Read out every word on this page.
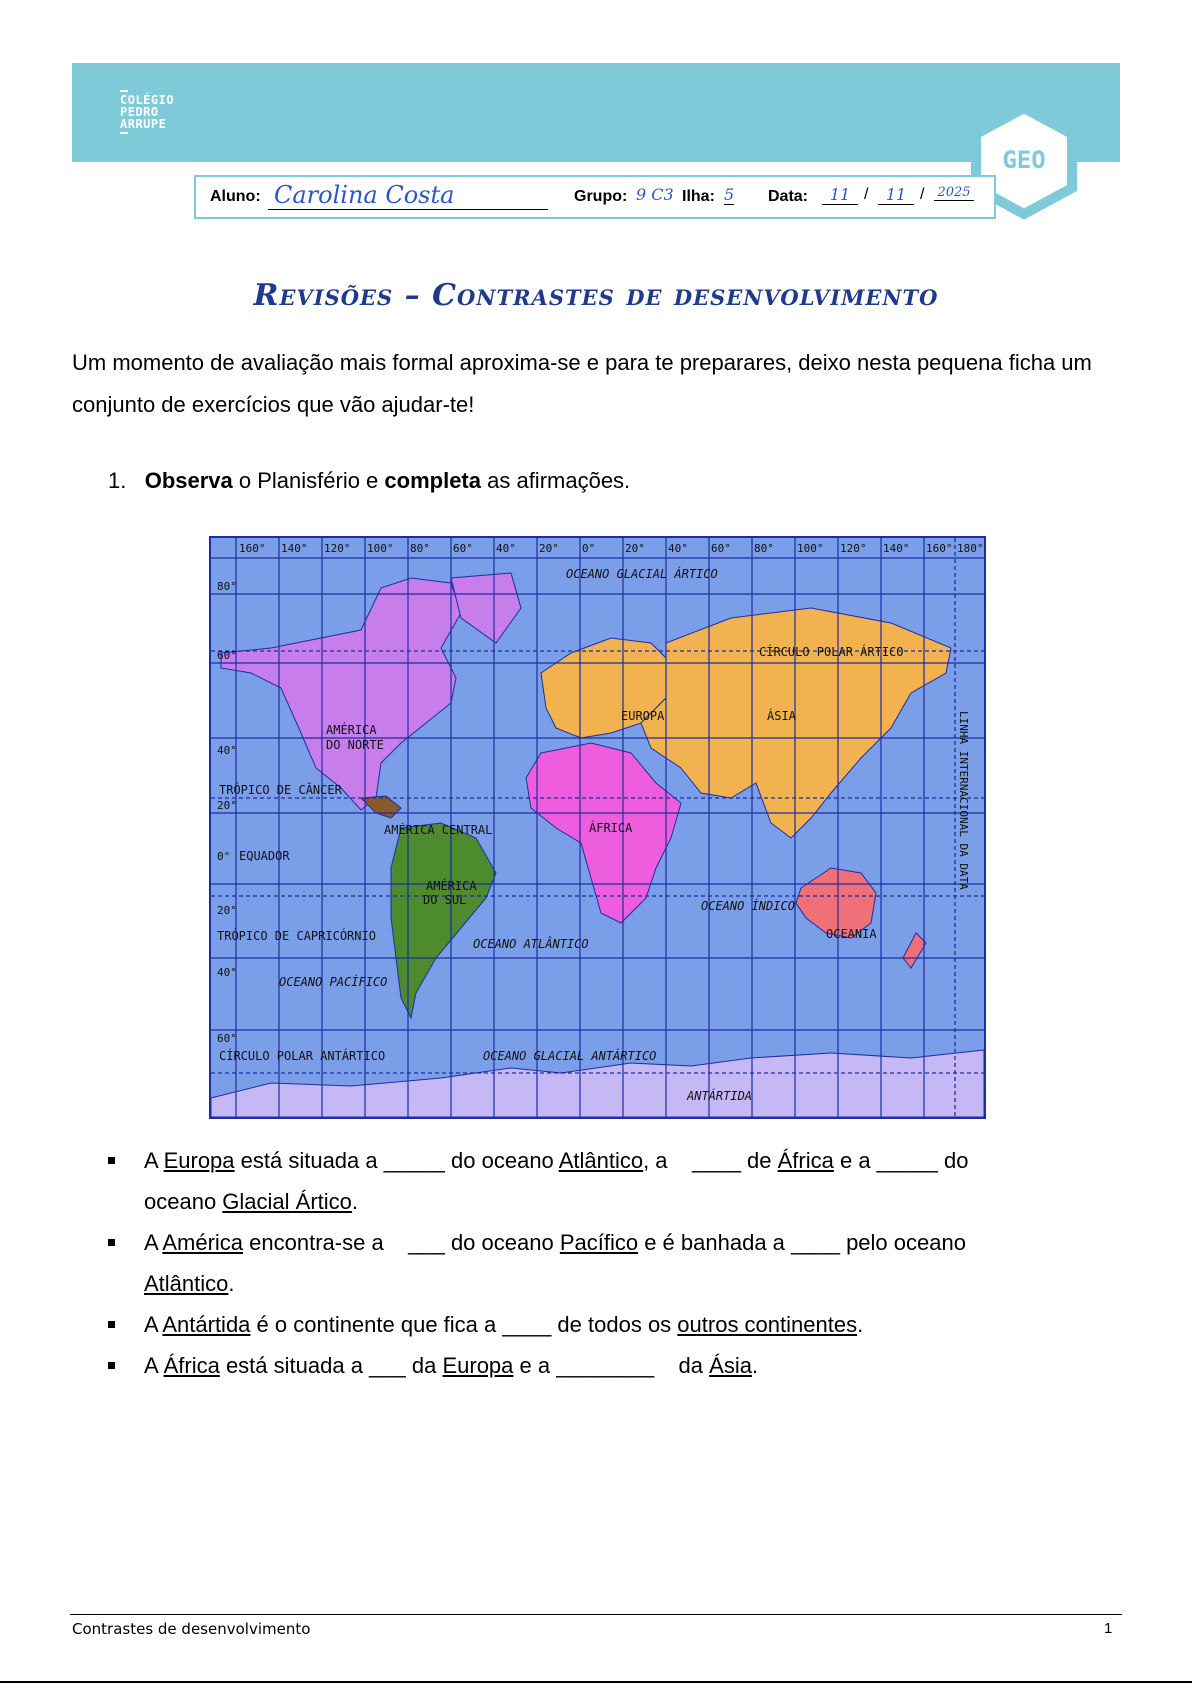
COLÉGIO
PEDRO
ARRUPE
GEO
Aluno: Carolina Costa	Grupo: 9 C3 Ilha: 5 Data:	11 /	11 / 2025
Revisões – Contrastes de desenvolvimento
Um momento de avaliação mais formal aproxima-se e para te preparares, deixo nesta pequena ficha um conjunto de exercícios que vão ajudar-te!
1. Observa o Planisfério e completa as afirmações.
160° 140° 120° 100° 80° 60° 40° 20° 0°	20° 40° 60° 80° 100° 120° 140° 160° 180°
80°
60°
40°
20°
0°
20°
40°
60°
OCEANO GLACIAL ÁRTICO
CÍRCULO POLAR ÁRTICO
EUROPA	ÁSIA
AMÉRICA
DO NORTE
TRÓPICO DE CÂNCER
AMÉRICA CENTRAL	ÁFRICA
EQUADOR
AMÉRICA
DO SUL	OCEANO ÍNDICO
OCEANIA
TRÓPICO DE CAPRICÓRNIO
OCEANO ATLÂNTICO
OCEANO PACÍFICO
CÍRCULO POLAR ANTÁRTICO	OCEANO GLACIAL ANTÁRTICO
ANTÁRTIDA
LINHA INTERNACIONAL DA DATA
A Europa está situada a _____ do oceano Atlântico, a    ____ de África e a _____ do
oceano Glacial Ártico.
A América encontra-se a    ___ do oceano Pacífico e é banhada a ____ pelo oceano
Atlântico.
A Antártida é o continente que fica a ____ de todos os outros continentes.
A África está situada a ___ da Europa e a ________    da Ásia.
Contrastes de desenvolvimento	1
